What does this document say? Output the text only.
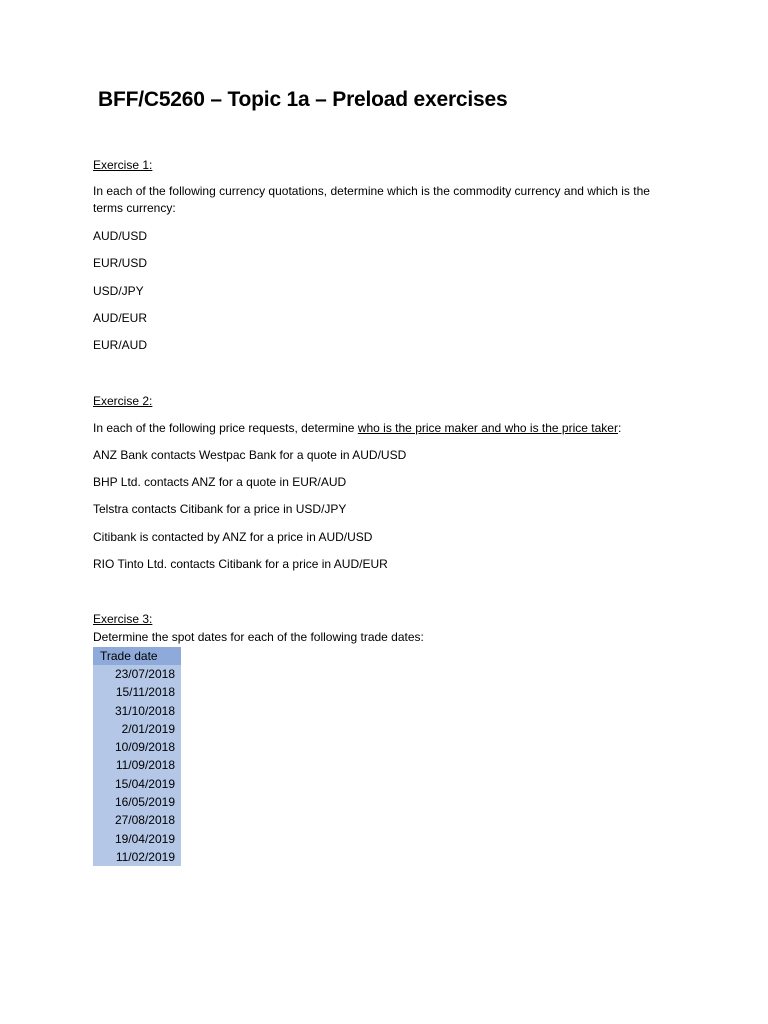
BFF/C5260 – Topic 1a – Preload exercises

Exercise 1:

In each of the following currency quotations, determine which is the commodity currency and which is the terms currency:

AUD/USD

EUR/USD

USD/JPY

AUD/EUR

EUR/AUD

Exercise 2:

In each of the following price requests, determine who is the price maker and who is the price taker:

ANZ Bank contacts Westpac Bank for a quote in AUD/USD

BHP Ltd. contacts ANZ for a quote in EUR/AUD

Telstra contacts Citibank for a price in USD/JPY

Citibank is contacted by ANZ for a price in AUD/USD

RIO Tinto Ltd. contacts Citibank for a price in AUD/EUR

Exercise 3:

Determine the spot dates for each of the following trade dates:

Trade date
23/07/2018
15/11/2018
31/10/2018
2/01/2019
10/09/2018
11/09/2018
15/04/2019
16/05/2019
27/08/2018
19/04/2019
11/02/2019
